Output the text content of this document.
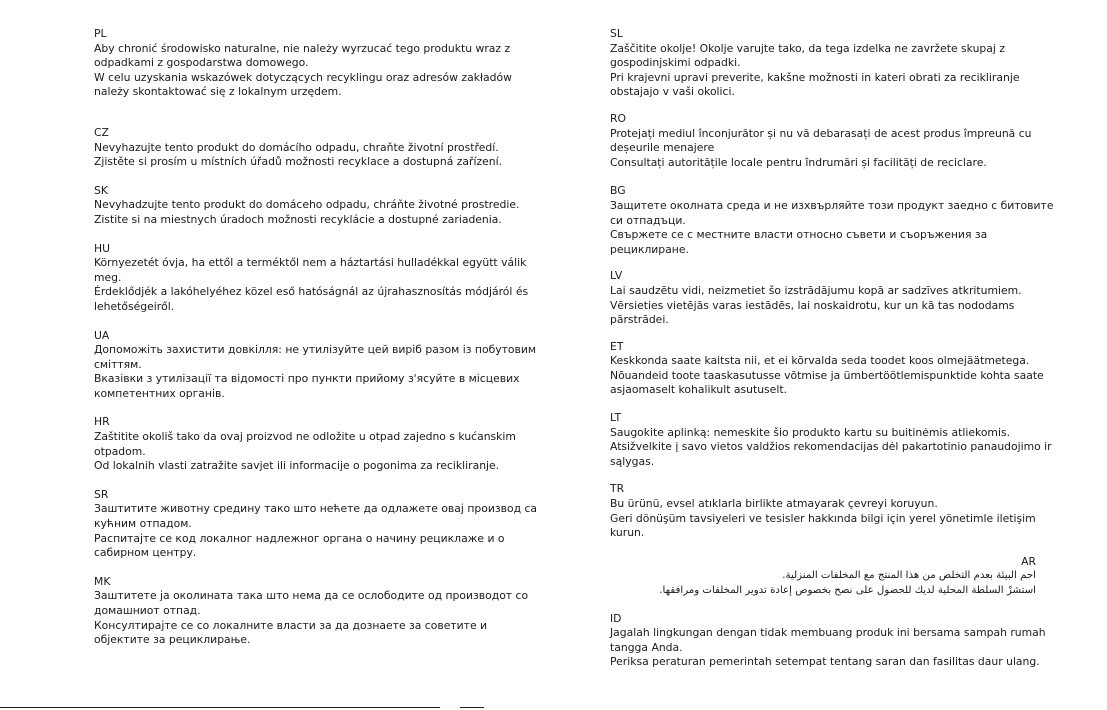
PL
Aby chronić środowisko naturalne, nie należy wyrzucać tego produktu wraz z
odpadkami z gospodarstwa domowego.
W celu uzyskania wskazówek dotyczących recyklingu oraz adresów zakładów
należy skontaktować się z lokalnym urzędem.
CZ
Nevyhazujte tento produkt do domácího odpadu, chraňte životní prostředí.
Zjistěte si prosím u místních úřadů možnosti recyklace a dostupná zařízení.
SK
Nevyhadzujte tento produkt do domáceho odpadu, chráňte životné prostredie.
Zistite si na miestnych úradoch možnosti recyklácie a dostupné zariadenia.
HU
Környezetét óvja, ha ettől a terméktől nem a háztartási hulladékkal együtt válik
meg.
Érdeklődjék a lakóhelyéhez közel eső hatóságnál az újrahasznosítás módjáról és
lehetőségeiről.
UA
Допоможіть захистити довкілля: не утилізуйте цей виріб разом із побутовим
сміттям.
Вказівки з утилізації та відомості про пункти прийому з'ясуйте в місцевих
компетентних органів.
HR
Zaštitite okoliš tako da ovaj proizvod ne odložite u otpad zajedno s kućanskim
otpadom.
Od lokalnih vlasti zatražite savjet ili informacije o pogonima za recikliranje.
SR
Заштитите животну средину тако што нећете да одлажете овај производ са
кућним отпадом.
Распитајте се код локалног надлежног органа о начину рециклаже и о
сабирном центру.
MK
Заштитете ја околината така што нема да се ослободите од производот со
домашниот отпад.
Консултирајте се со локалните власти за да дознаете за советите и
објектите за рециклирање.
SL
Zaščitite okolje! Okolje varujte tako, da tega izdelka ne zavržete skupaj z
gospodinjskimi odpadki.
Pri krajevni upravi preverite, kakšne možnosti in kateri obrati za recikliranje
obstajajo v vaši okolici.
RO
Protejați mediul înconjurător și nu vă debarasați de acest produs împreună cu
deșeurile menajere
Consultați autoritățile locale pentru îndrumări și facilități de reciclare.
BG
Защитете околната среда и не изхвърляйте този продукт заедно с битовите
си отпадъци.
Свържете се с местните власти относно съвети и съоръжения за
рециклиране.
LV
Lai saudzētu vidi, neizmetiet šo izstrādājumu kopā ar sadzīves atkritumiem.
Vērsieties vietējās varas iestādēs, lai noskaidrotu, kur un kā tas nododams
pārstrādei.
ET
Keskkonda saate kaitsta nii, et ei kõrvalda seda toodet koos olmejäätmetega.
Nõuandeid toote taaskasutusse võtmise ja ümbertöötlemispunktide kohta saate
asjaomaselt kohalikult asutuselt.
LT
Saugokite aplinką: nemeskite šio produkto kartu su buitinėmis atliekomis.
Atsižvelkite į savo vietos valdžios rekomendacijas dėl pakartotinio panaudojimo ir
sąlygas.
TR
Bu ürünü, evsel atıklarla birlikte atmayarak çevreyi koruyun.
Geri dönüşüm tavsiyeleri ve tesisler hakkında bilgi için yerel yönetimle iletişim
kurun.
AR
احم البيئة بعدم التخلص من هذا المنتج مع المخلفات المنزلية.
استشرْ السلطة المحلية لديك للحصول على نصح بخصوص إعادة تدوير المخلفات ومرافقها.
ID
Jagalah lingkungan dengan tidak membuang produk ini bersama sampah rumah
tangga Anda.
Periksa peraturan pemerintah setempat tentang saran dan fasilitas daur ulang.
